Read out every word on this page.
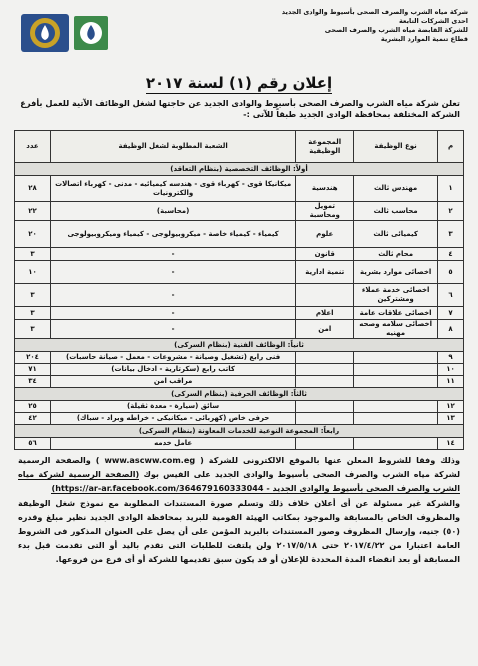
شركة مياه الشرب والصرف الصحى بأسيوط والوادى الجديد
احدى الشركات التابعة
للشركة القابضة مياه الشرب والصرف الصحى
قطاع تنمية الموارد البشرية
إعلان رقم (١) لسنة ٢٠١٧
تعلن شركة مياه الشرب والصرف الصحى بأسيوط والوادى الجديد عن حاجتها لشغل الوظائف الآتية للعمل بأفرع الشركة المختلفة بمحافظة الوادى الجديد طبقاً للآتى :-
م	نوع الوظيفة	المجموعة الوظيفية	الشعبة المطلوبة لشغل الوظيفة	عدد
أولاً: الوظائف التخصصية (بنظام التعاقد)				
١	مهندس ثالث	هندسية	ميكانيكا قوى - كهرباء قوى - هندسه كيميائيه - مدنى - كهرباء اتصالات والكترونيات	٢٨
٢	محاسب ثالث	تمويل ومحاسبة	(محاسبة)	٢٢
٣	كيميائى ثالث	علوم	كيمياء - كيمياء خاصة - ميكروبيولوجى - كيمياء وميكروبيولوجى	٢٠
٤	محام ثالث	قانون	-	٣
٥	اخصائى موارد بشرية	تنمية ادارية	-	١٠
٦	اخصائى خدمة عملاء ومشتركين		-	٣
٧	اخصائى علاقات عامة	اعلام	-	٣
٨	اخصائى سلامه وصحه مهنيه	امن	-	٣
ثانياً: الوظائف الفنية (بنظام السركى)				
٩			فنى رابع (تشغيل وصيانة - مشروعات - معمل - صيانة حاسبات)	٢٠٤
١٠			كاتب رابع (سكرتارية - ادخال بيانات)	٧١
١١			مراقب امن	٣٤
ثالثاً: الوظائف الحرفية (بنظام السركى)				
١٢			سائق (سيارة - معدة ثقيلة)	٢٥
١٣			حرفى خاص (كهربائى - ميكانيكى - خراطه وبراد - سباك)	٤٢
رابعاً: المجموعة النوعية للخدمات المعاونة (بنظام السركى)				
١٤			عامل خدمه	٥٦
وذلك وفقا للشروط المعلن عنها بالموقع الالكترونى للشركة ( www.ascww.com.eg ) والصفحة الرسمية لشركة مياه الشرب والصرف الصحى بأسيوط والوادى الجديد على الفيس بوك (الصفحة الرسمية لشركة مياه الشرب والصرف الصحى بأسيوط والوادى الجديد - https://ar-ar.facebook.com/364679160333044)
والشركة غير مسئولة عن أى أعلان خلاف ذلك وتسلم صورة المستندات المطلوبة مع نموذج شغل الوظيفة والمظروف الخاص بالمسابقة والموجود بمكاتب الهيئة القومية للبريد بمحافظة الوادى الجديد نظير مبلغ وقدره (٥٠) جنيه، وإرسال المظروف وصور المستندات بالبريد المؤمن على أن يصل على العنوان المذكور فى الشروط العامة اعتبارا من ٢٠١٧/٤/٢٢ حتى ٢٠١٧/٥/١٨ ولن يلتفت للطلبات التى تقدم باليد أو التى تقدمت قبل بدء المسابقة أو بعد انقضاء المدة المحددة للإعلان أو قد يكون سبق تقديمها للشركة أو أى فرع من فروعها.
